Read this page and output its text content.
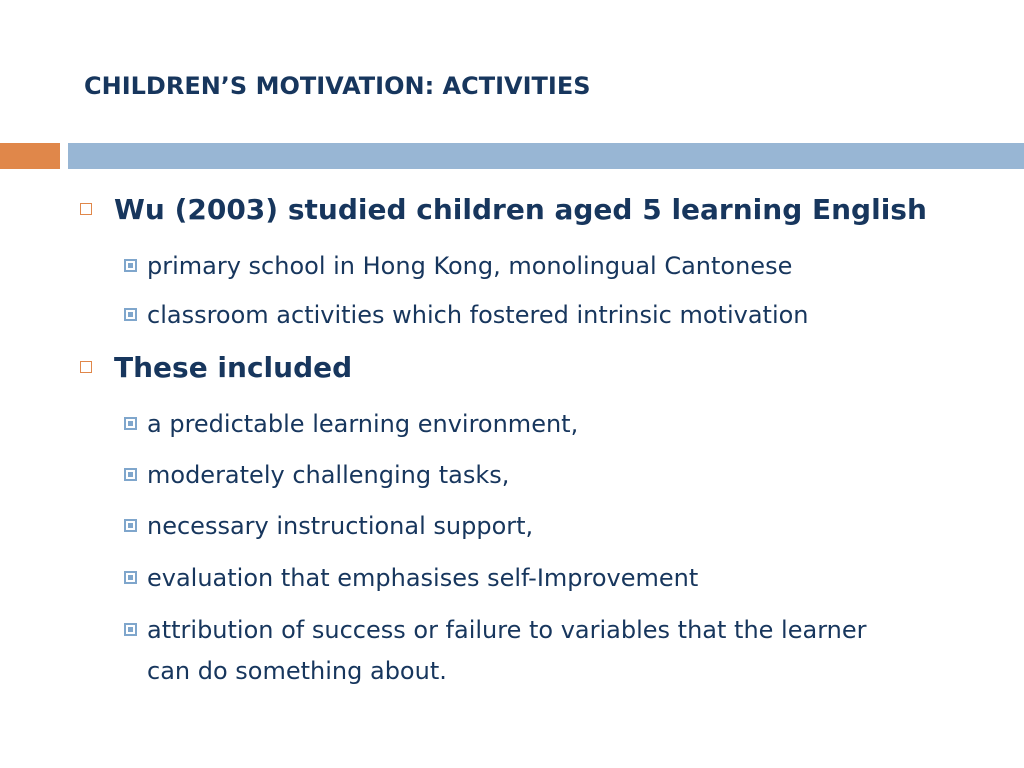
CHILDREN’S MOTIVATION: ACTIVITIES
Wu (2003) studied children aged 5 learning English
primary school in Hong Kong, monolingual Cantonese
classroom activities which fostered intrinsic motivation
These included
a predictable learning environment,
moderately challenging tasks,
necessary instructional support,
evaluation that emphasises self-Improvement
attribution of success or failure to variables that the learner can do something about.
